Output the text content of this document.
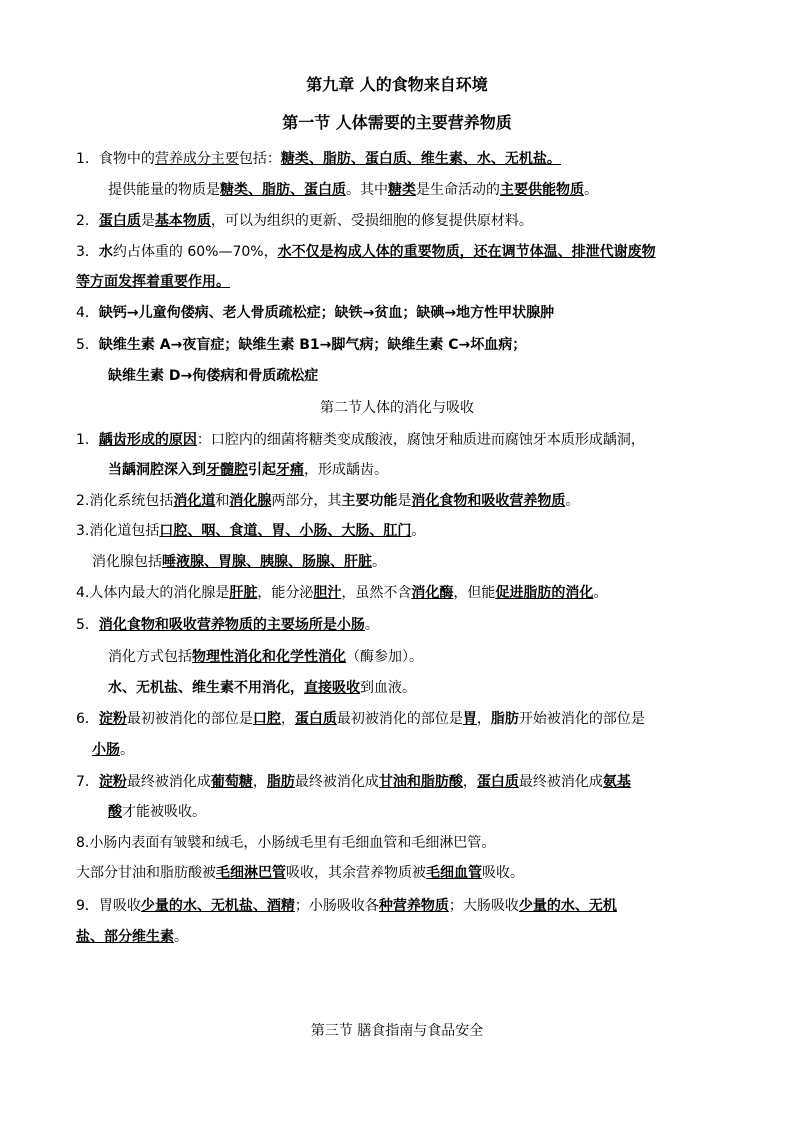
第九章 人的食物来自环境
第一节 人体需要的主要营养物质
1．食物中的营养成分主要包括：糖类、脂肪、蛋白质、维生素、水、无机盐。
提供能量的物质是糖类、脂肪、蛋白质。其中糖类是生命活动的主要供能物质。
2．蛋白质是基本物质，可以为组织的更新、受损细胞的修复提供原材料。
3．水约占体重的 60%—70%，水不仅是构成人体的重要物质，还在调节体温、排泄代谢废物
等方面发挥着重要作用。
4．缺钙→儿童佝偻病、老人骨质疏松症；缺铁→贫血；缺碘→地方性甲状腺肿
5．缺维生素 A→夜盲症；缺维生素 B1→脚气病；缺维生素 C→坏血病；
缺维生素 D→佝偻病和骨质疏松症
第二节人体的消化与吸收
1．龋齿形成的原因：口腔内的细菌将糖类变成酸液，腐蚀牙釉质进而腐蚀牙本质形成龋洞，
当龋洞腔深入到牙髓腔引起牙痛，形成龋齿。
2.消化系统包括消化道和消化腺两部分，其主要功能是消化食物和吸收营养物质。
3.消化道包括口腔、咽、食道、胃、小肠、大肠、肛门。
消化腺包括唾液腺、胃腺、胰腺、肠腺、肝脏。
4.人体内最大的消化腺是肝脏，能分泌胆汁，虽然不含消化酶，但能促进脂肪的消化。
5．消化食物和吸收营养物质的主要场所是小肠。
消化方式包括物理性消化和化学性消化（酶参加）。
水、无机盐、维生素不用消化，直接吸收到血液。
6．淀粉最初被消化的部位是口腔，蛋白质最初被消化的部位是胃，脂肪开始被消化的部位是
小肠。
7．淀粉最终被消化成葡萄糖，脂肪最终被消化成甘油和脂肪酸，蛋白质最终被消化成氨基
酸才能被吸收。
8.小肠内表面有皱襞和绒毛，小肠绒毛里有毛细血管和毛细淋巴管。
大部分甘油和脂肪酸被毛细淋巴管吸收，其余营养物质被毛细血管吸收。
9．胃吸收少量的水、无机盐、酒精；小肠吸收各种营养物质；大肠吸收少量的水、无机
盐、部分维生素。
第三节 膳食指南与食品安全
